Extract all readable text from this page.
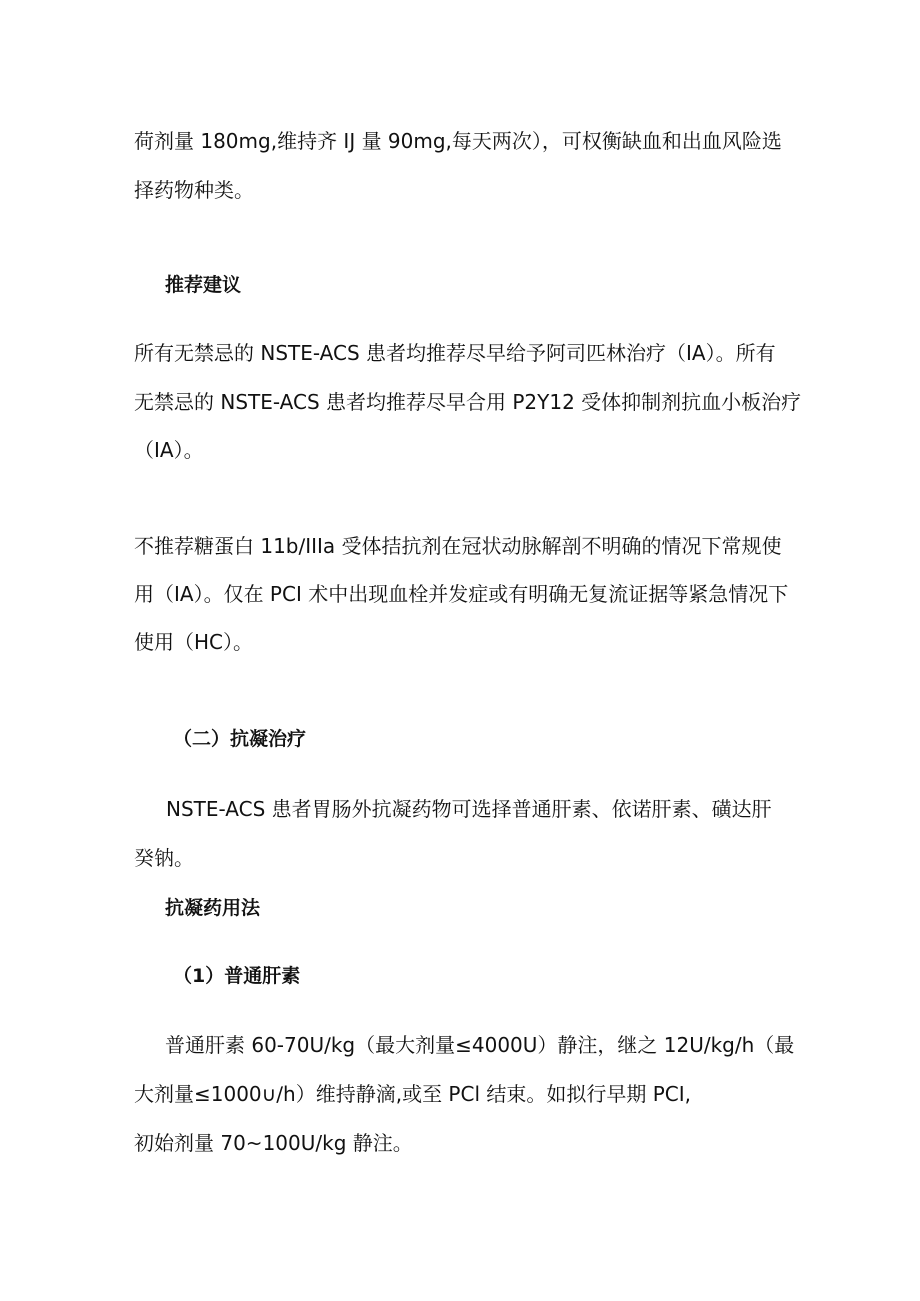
荷剂量 180mg,维持齐 IJ 量 90mg,每天两次），可权衡缺血和出血风险选
择药物种类。
推荐建议
所有无禁忌的 NSTE-ACS 患者均推荐尽早给予阿司匹林治疗（IA）。所有
无禁忌的 NSTE-ACS 患者均推荐尽早合用 P2Y12 受体抑制剂抗血小板治疗
（IA）。
不推荐糖蛋白 11b∕IIIa 受体拮抗剂在冠状动脉解剖不明确的情况下常规使
用（IA）。仅在 PCI 术中出现血栓并发症或有明确无复流证据等紧急情况下
使用（HC）。
（二）抗凝治疗
NSTE-ACS 患者胃肠外抗凝药物可选择普通肝素、依诺肝素、磺达肝
癸钠。
抗凝药用法
（1）普通肝素
普通肝素 60-70U∕kg（最大剂量≤4000U）静注，继之 12U/kg/h（最
大剂量≤1000∪∕h）维持静滴,或至 PCl 结束。如拟行早期 PCI,
初始剂量 70~100U/kg 静注。
